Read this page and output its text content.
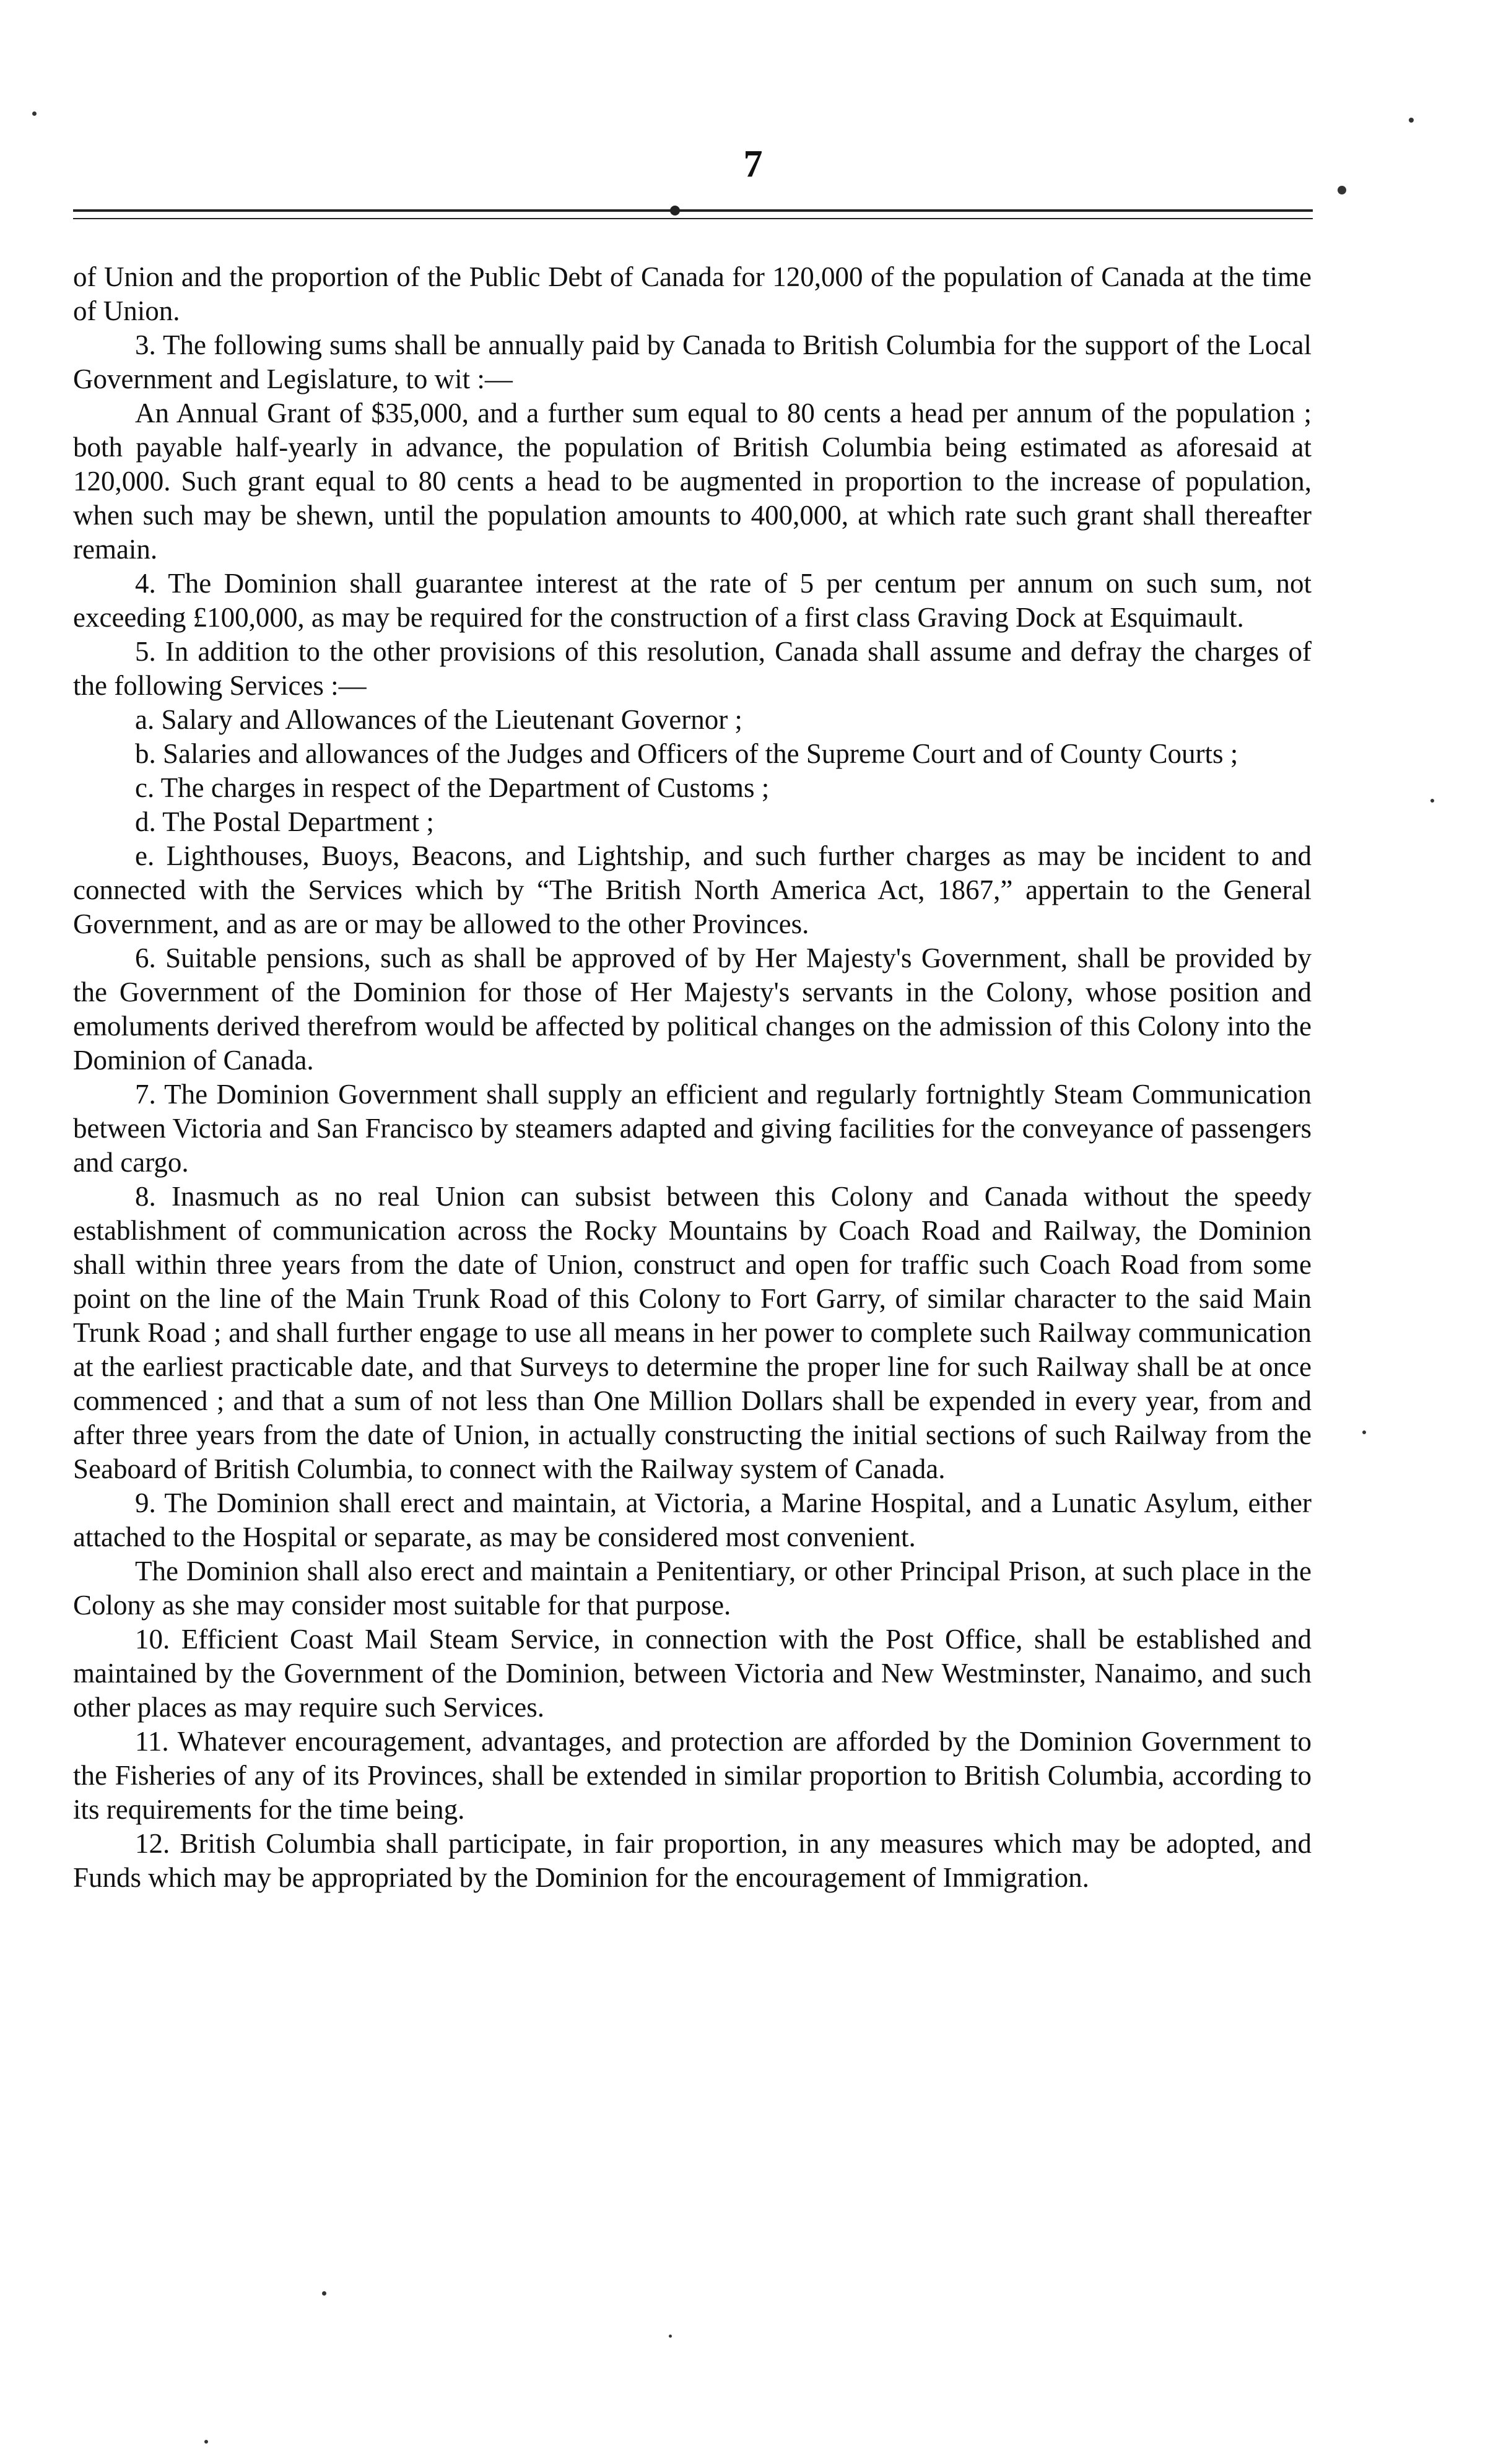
7

of Union and the proportion of the Public Debt of Canada for 120,000 of the population of Canada at the time of Union.

3. The following sums shall be annually paid by Canada to British Columbia for the support of the Local Government and Legislature, to wit :—

An Annual Grant of $35,000, and a further sum equal to 80 cents a head per annum of the population ; both payable half-yearly in advance, the population of British Columbia being estimated as aforesaid at 120,000. Such grant equal to 80 cents a head to be augmented in proportion to the increase of population, when such may be shewn, until the population amounts to 400,000, at which rate such grant shall thereafter remain.

4. The Dominion shall guarantee interest at the rate of 5 per centum per annum on such sum, not exceeding £100,000, as may be required for the construction of a first class Graving Dock at Esquimault.

5. In addition to the other provisions of this resolution, Canada shall assume and defray the charges of the following Services :—

a. Salary and Allowances of the Lieutenant Governor ;

b. Salaries and allowances of the Judges and Officers of the Supreme Court and of County Courts ;

c. The charges in respect of the Department of Customs ;

d. The Postal Department ;

e. Lighthouses, Buoys, Beacons, and Lightship, and such further charges as may be incident to and connected with the Services which by “The British North America Act, 1867,” appertain to the General Government, and as are or may be allowed to the other Provinces.

6. Suitable pensions, such as shall be approved of by Her Majesty's Government, shall be provided by the Government of the Dominion for those of Her Majesty's servants in the Colony, whose position and emoluments derived therefrom would be affected by political changes on the admission of this Colony into the Dominion of Canada.

7. The Dominion Government shall supply an efficient and regularly fortnightly Steam Communication between Victoria and San Francisco by steamers adapted and giving facilities for the conveyance of passengers and cargo.

8. Inasmuch as no real Union can subsist between this Colony and Canada without the speedy establishment of communication across the Rocky Mountains by Coach Road and Railway, the Dominion shall within three years from the date of Union, construct and open for traffic such Coach Road from some point on the line of the Main Trunk Road of this Colony to Fort Garry, of similar character to the said Main Trunk Road ; and shall further engage to use all means in her power to complete such Railway communication at the earliest practicable date, and that Surveys to determine the proper line for such Railway shall be at once commenced ; and that a sum of not less than One Million Dollars shall be expended in every year, from and after three years from the date of Union, in actually constructing the initial sections of such Railway from the Seaboard of British Columbia, to connect with the Railway system of Canada.

9. The Dominion shall erect and maintain, at Victoria, a Marine Hospital, and a Lunatic Asylum, either attached to the Hospital or separate, as may be considered most convenient.

The Dominion shall also erect and maintain a Penitentiary, or other Principal Prison, at such place in the Colony as she may consider most suitable for that purpose.

10. Efficient Coast Mail Steam Service, in connection with the Post Office, shall be established and maintained by the Government of the Dominion, between Victoria and New Westminster, Nanaimo, and such other places as may require such Services.

11. Whatever encouragement, advantages, and protection are afforded by the Dominion Government to the Fisheries of any of its Provinces, shall be extended in similar proportion to British Columbia, according to its requirements for the time being.

12. British Columbia shall participate, in fair proportion, in any measures which may be adopted, and Funds which may be appropriated by the Dominion for the encouragement of Immigration.
